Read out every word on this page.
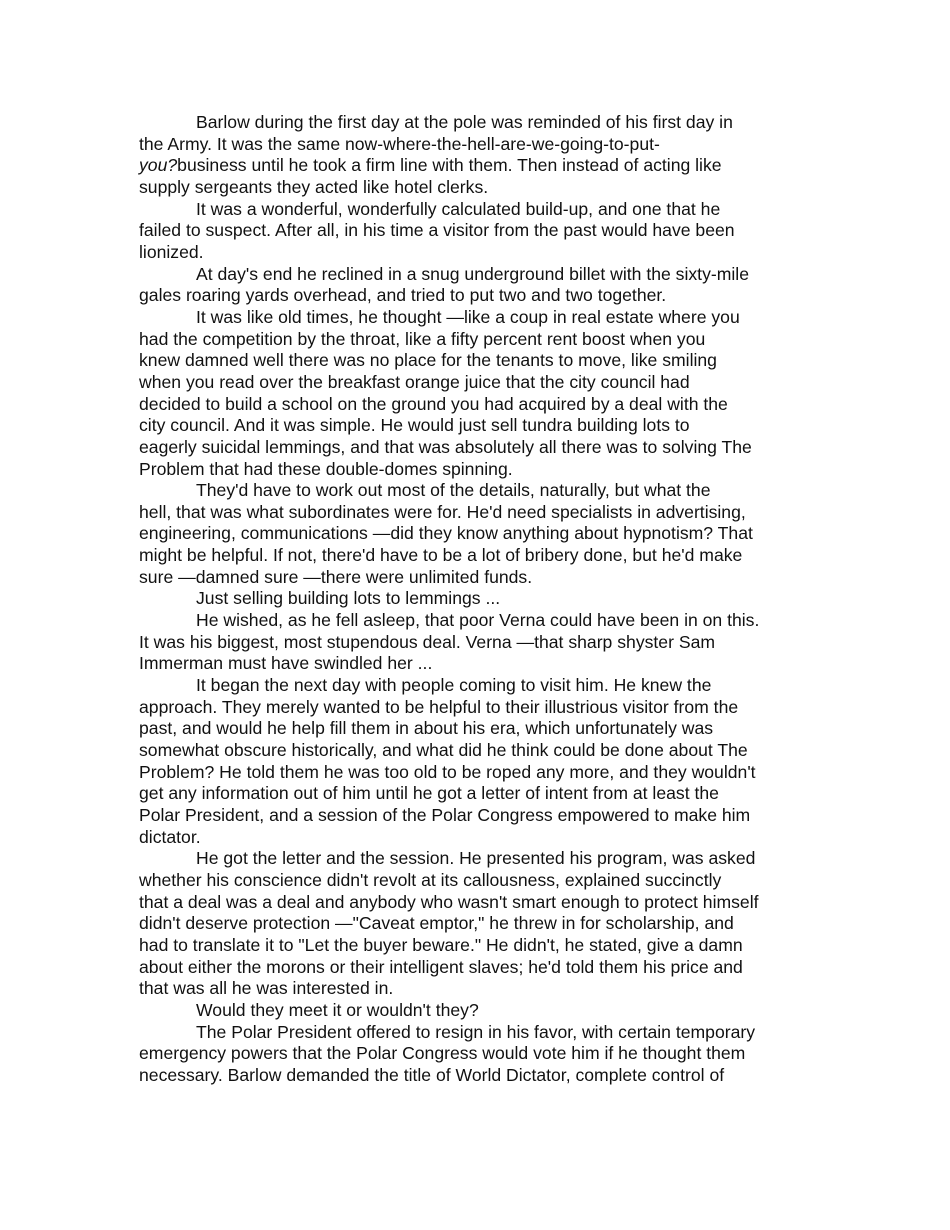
Barlow during the first day at the pole was reminded of his first day in
the Army. It was the same now-where-the-hell-are-we-going-to-put-
you?business until he took a firm line with them. Then instead of acting like
supply sergeants they acted like hotel clerks.

It was a wonderful, wonderfully calculated build-up, and one that he
failed to suspect. After all, in his time a visitor from the past would have been
lionized.

At day's end he reclined in a snug underground billet with the sixty-mile
gales roaring yards overhead, and tried to put two and two together.

It was like old times, he thought —like a coup in real estate where you
had the competition by the throat, like a fifty percent rent boost when you
knew damned well there was no place for the tenants to move, like smiling
when you read over the breakfast orange juice that the city council had
decided to build a school on the ground you had acquired by a deal with the
city council. And it was simple. He would just sell tundra building lots to
eagerly suicidal lemmings, and that was absolutely all there was to solving The
Problem that had these double-domes spinning.

They'd have to work out most of the details, naturally, but what the
hell, that was what subordinates were for. He'd need specialists in advertising,
engineering, communications —did they know anything about hypnotism? That
might be helpful. If not, there'd have to be a lot of bribery done, but he'd make
sure —damned sure —there were unlimited funds.

Just selling building lots to lemmings ...

He wished, as he fell asleep, that poor Verna could have been in on this.
It was his biggest, most stupendous deal. Verna —that sharp shyster Sam
Immerman must have swindled her ...

It began the next day with people coming to visit him. He knew the
approach. They merely wanted to be helpful to their illustrious visitor from the
past, and would he help fill them in about his era, which unfortunately was
somewhat obscure historically, and what did he think could be done about The
Problem? He told them he was too old to be roped any more, and they wouldn't
get any information out of him until he got a letter of intent from at least the
Polar President, and a session of the Polar Congress empowered to make him
dictator.

He got the letter and the session. He presented his program, was asked
whether his conscience didn't revolt at its callousness, explained succinctly
that a deal was a deal and anybody who wasn't smart enough to protect himself
didn't deserve protection —"Caveat emptor," he threw in for scholarship, and
had to translate it to "Let the buyer beware." He didn't, he stated, give a damn
about either the morons or their intelligent slaves; he'd told them his price and
that was all he was interested in.

Would they meet it or wouldn't they?

The Polar President offered to resign in his favor, with certain temporary
emergency powers that the Polar Congress would vote him if he thought them
necessary. Barlow demanded the title of World Dictator, complete control of
